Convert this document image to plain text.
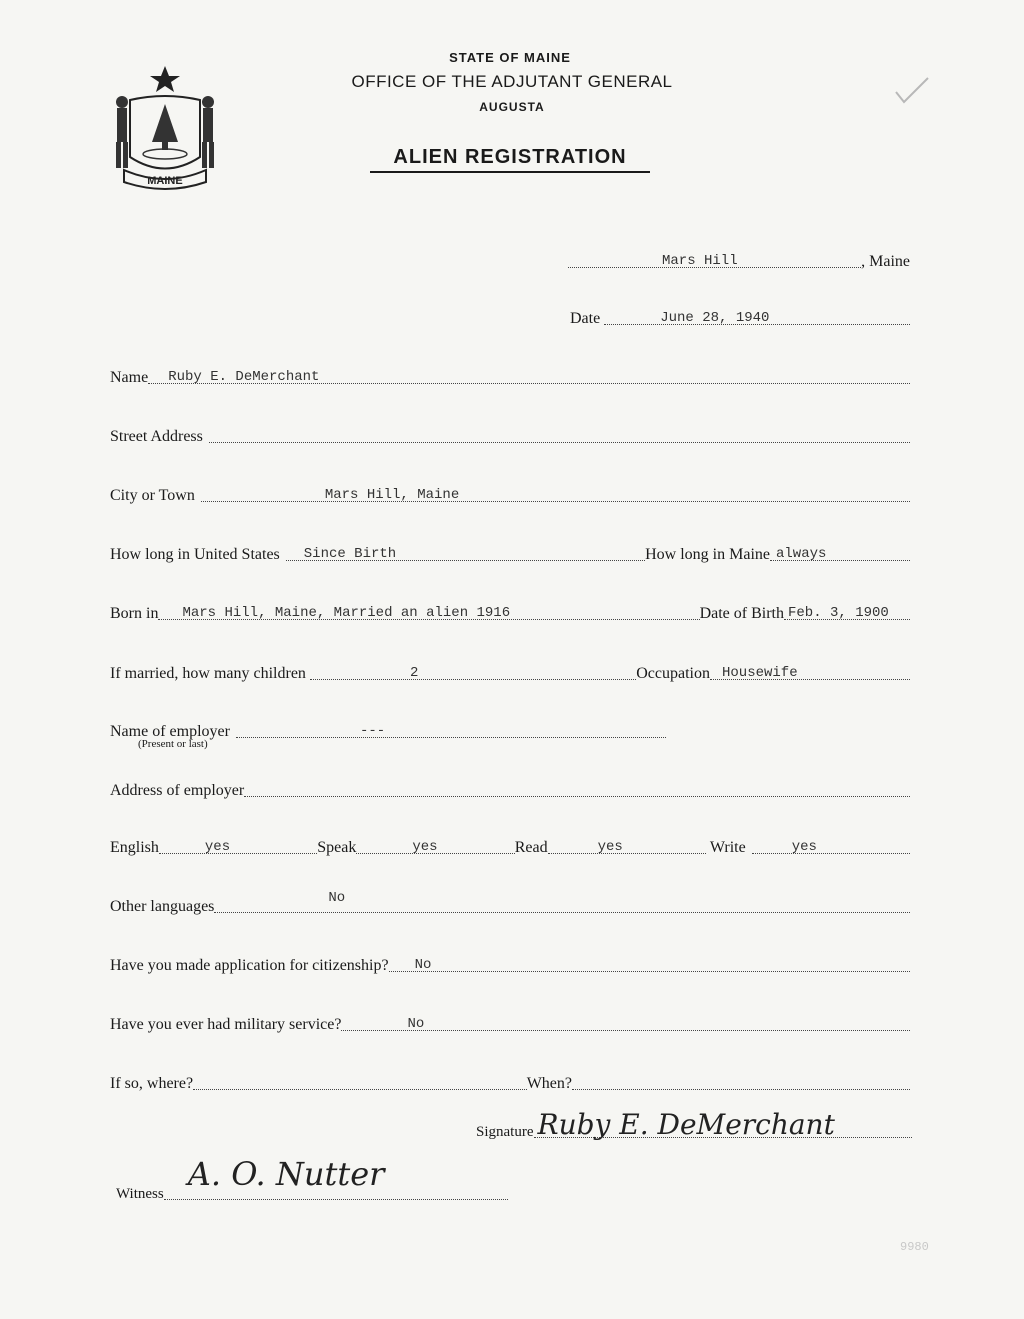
MAINE
STATE OF MAINE
OFFICE OF THE ADJUTANT GENERAL
AUGUSTA
ALIEN REGISTRATION
Mars Hill	, Maine
Date	June 28, 1940
Name Ruby E. DeMerchant
Street Address
City or Town	Mars Hill, Maine
How long in United States Since Birth	How long in Maine always
Born in Mars Hill, Maine, Married an alien 1916	Date of Birth Feb. 3, 1900
If married, how many children	2	Occupation Housewife
Name of employer	---
(Present or last)
Address of employer
English	yes	Speak	yes	Read	yes	Write	yes
Other languages	No
Have you made application for citizenship? No
Have you ever had military service?	No
If so, where?	When?
Signature Ruby E. DeMerchant
Witness
A. O. Nutter
9980
